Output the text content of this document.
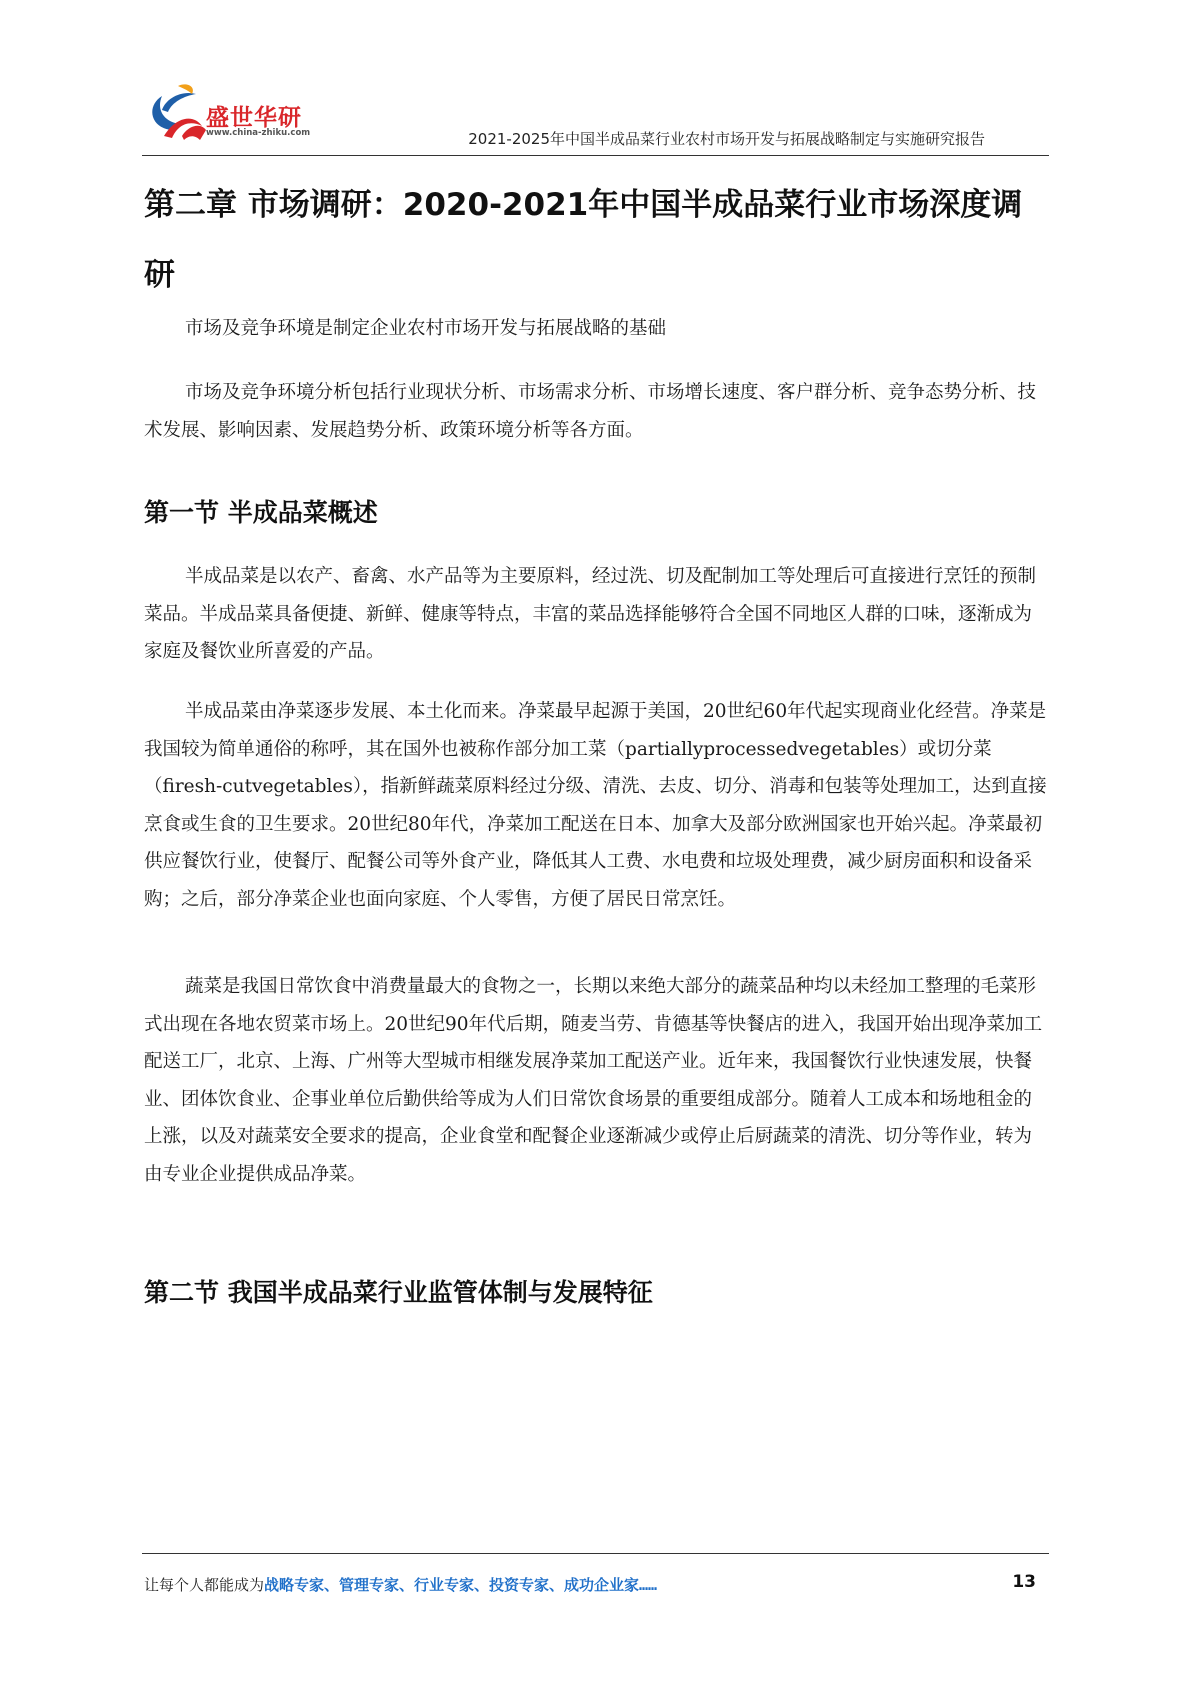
盛世华研
www.china-zhiku.com	2021-2025年中国半成品菜行业农村市场开发与拓展战略制定与实施研究报告
第二章 市场调研：2020-2021年中国半成品菜行业市场深度调研

市场及竞争环境是制定企业农村市场开发与拓展战略的基础

市场及竞争环境分析包括行业现状分析、市场需求分析、市场增长速度、客户群分析、竞争态势分析、技术发展、影响因素、发展趋势分析、政策环境分析等各方面。

第一节 半成品菜概述

半成品菜是以农产、畜禽、水产品等为主要原料，经过洗、切及配制加工等处理后可直接进行烹饪的预制菜品。半成品菜具备便捷、新鲜、健康等特点，丰富的菜品选择能够符合全国不同地区人群的口味，逐渐成为家庭及餐饮业所喜爱的产品。

半成品菜由净菜逐步发展、本土化而来。净菜最早起源于美国，20世纪60年代起实现商业化经营。净菜是我国较为简单通俗的称呼，其在国外也被称作部分加工菜（partiallyprocessedvegetables）或切分菜（firesh-cutvegetables），指新鲜蔬菜原料经过分级、清洗、去皮、切分、消毒和包装等处理加工，达到直接烹食或生食的卫生要求。20世纪80年代，净菜加工配送在日本、加拿大及部分欧洲国家也开始兴起。净菜最初供应餐饮行业，使餐厅、配餐公司等外食产业，降低其人工费、水电费和垃圾处理费，减少厨房面积和设备采购；之后，部分净菜企业也面向家庭、个人零售，方便了居民日常烹饪。

蔬菜是我国日常饮食中消费量最大的食物之一，长期以来绝大部分的蔬菜品种均以未经加工整理的毛菜形式出现在各地农贸菜市场上。20世纪90年代后期，随麦当劳、肯德基等快餐店的进入，我国开始出现净菜加工配送工厂，北京、上海、广州等大型城市相继发展净菜加工配送产业。近年来，我国餐饮行业快速发展，快餐业、团体饮食业、企事业单位后勤供给等成为人们日常饮食场景的重要组成部分。随着人工成本和场地租金的上涨，以及对蔬菜安全要求的提高，企业食堂和配餐企业逐渐减少或停止后厨蔬菜的清洗、切分等作业，转为由专业企业提供成品净菜。

第二节 我国半成品菜行业监管体制与发展特征
让每个人都能成为战略专家、管理专家、行业专家、投资专家、成功企业家……	13
